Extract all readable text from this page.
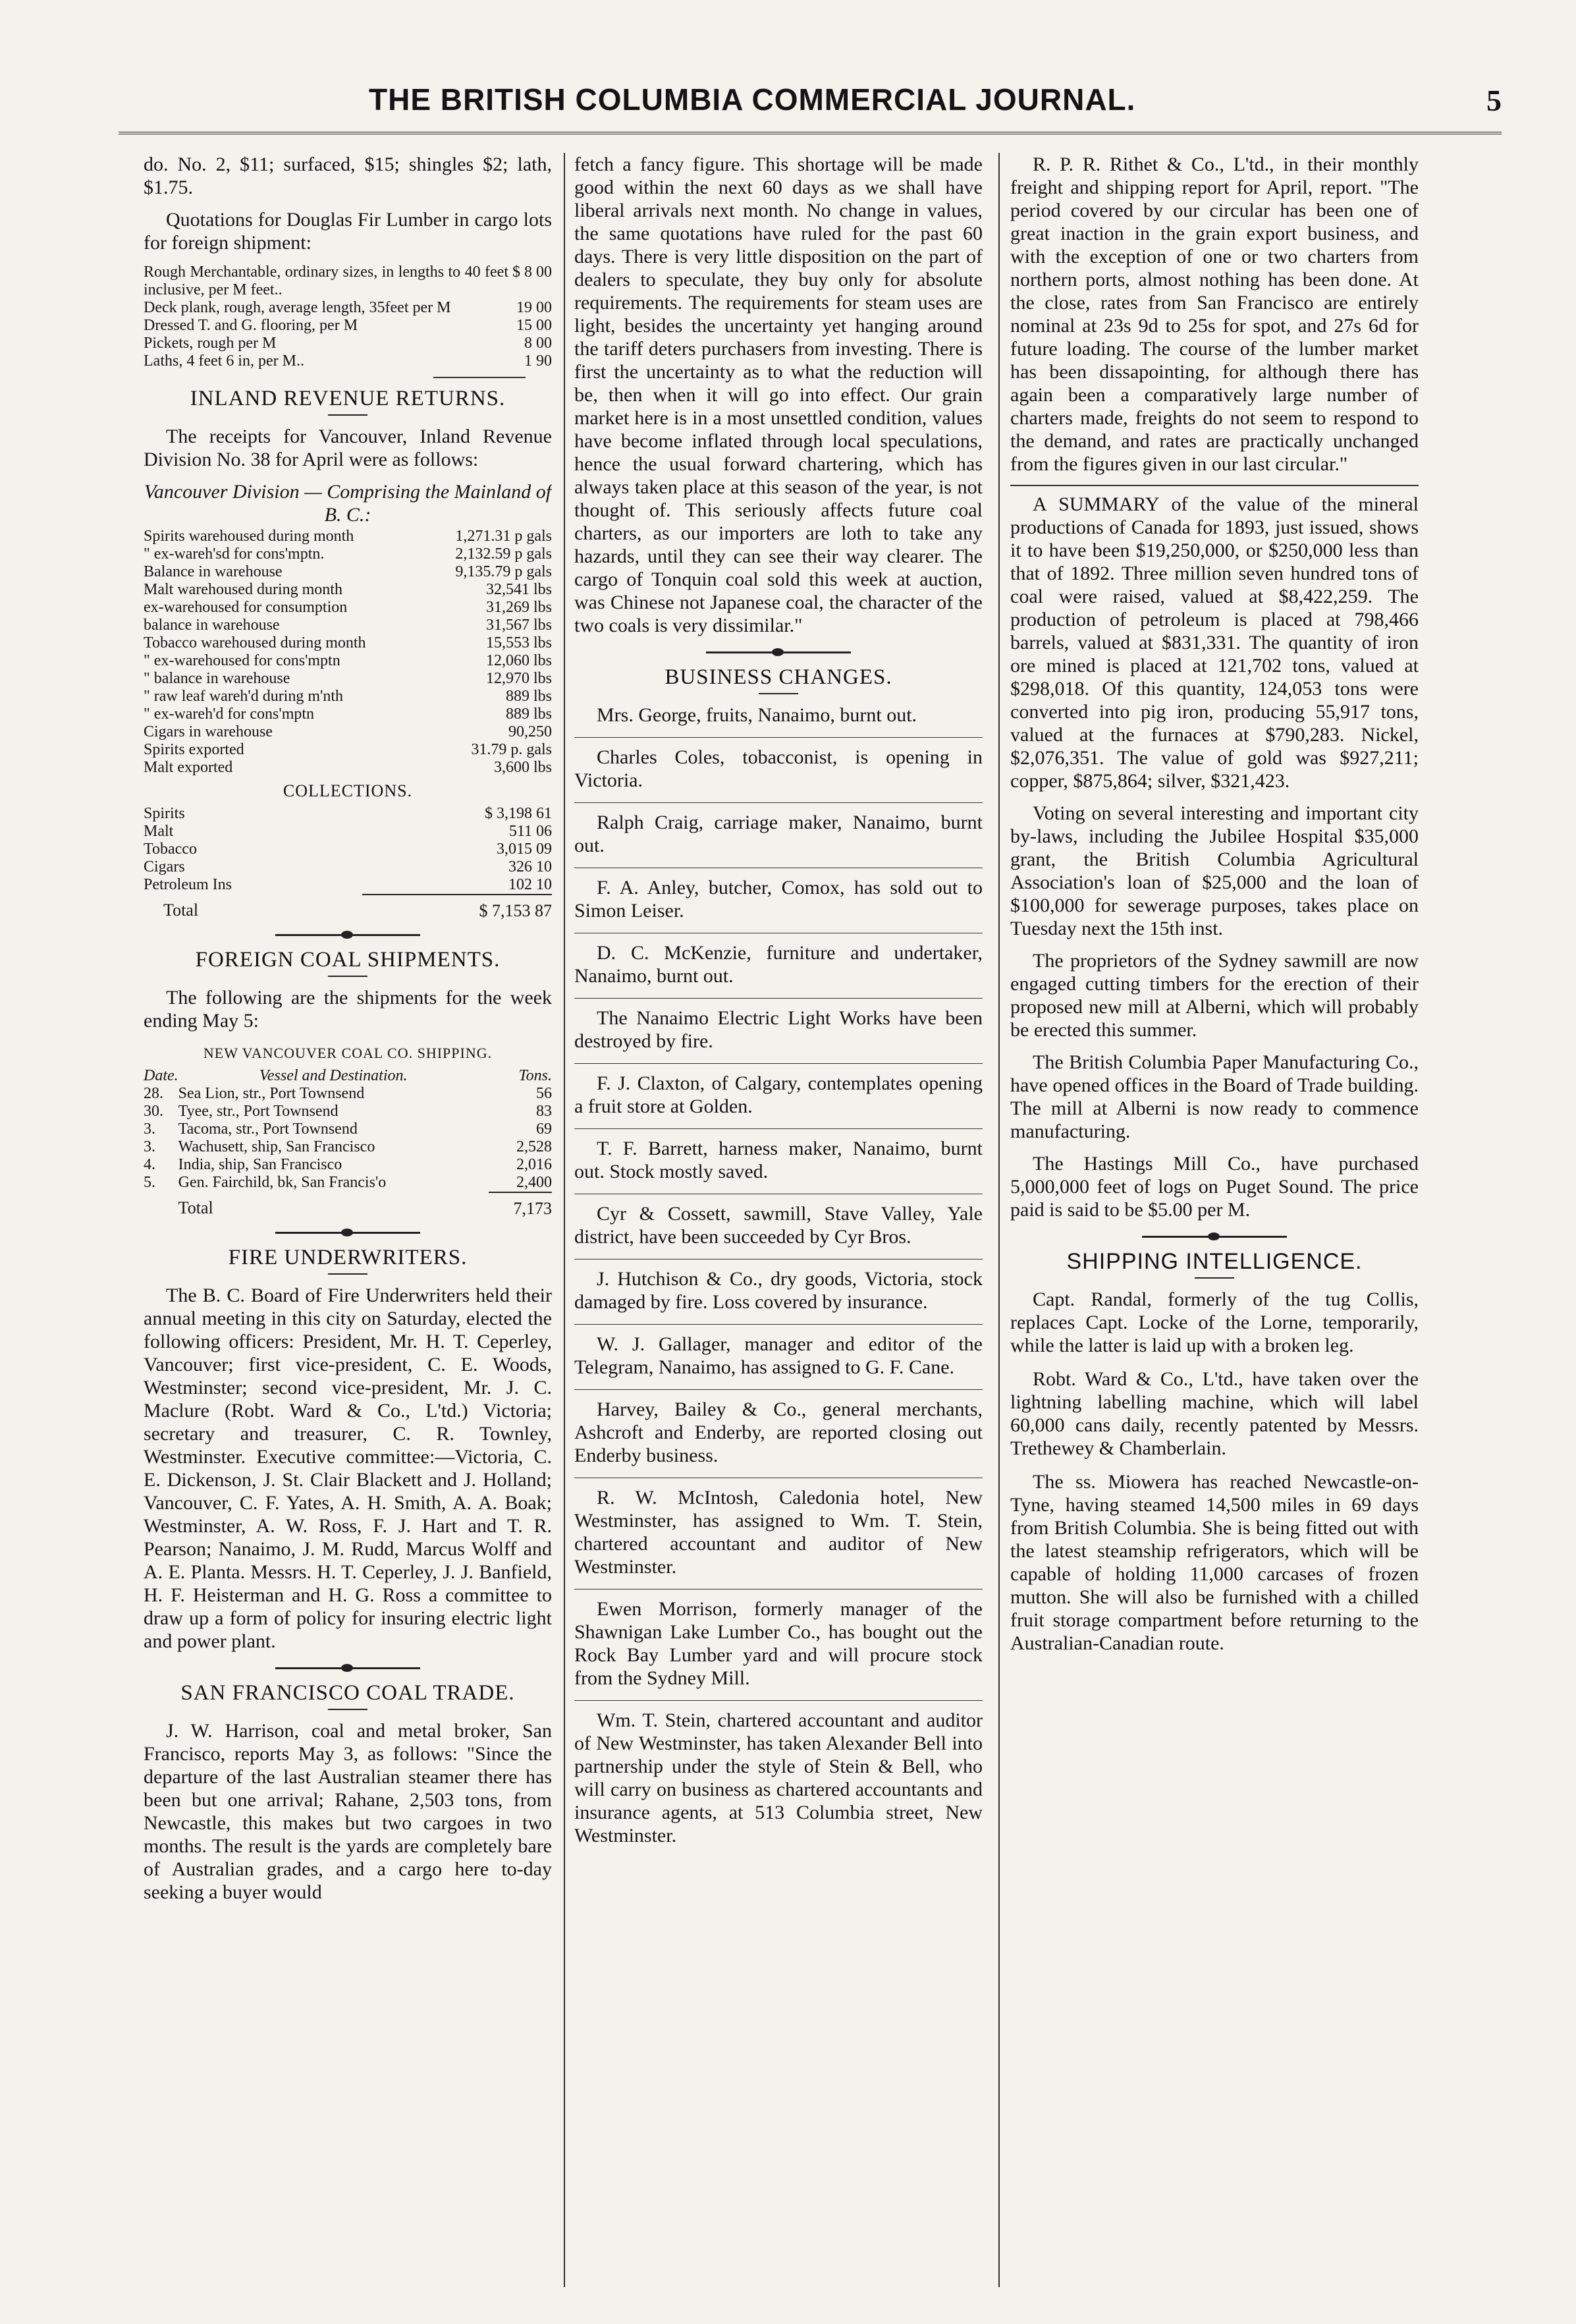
THE BRITISH COLUMBIA COMMERCIAL JOURNAL.	5

do. No. 2, $11; surfaced, $15; shingles $2; lath, $1.75.

Quotations for Douglas Fir Lumber in cargo lots for foreign shipment:

Rough Merchantable, ordinary sizes, in lengths to 40 feet inclusive, per M feet..	$ 8 00
Deck plank, rough, average length, 35feet per M	19 00
Dressed T. and G. flooring, per M	15 00
Pickets, rough per M	8 00
Laths, 4 feet 6 in, per M..	1 90
INLAND REVENUE RETURNS.

The receipts for Vancouver, Inland Revenue Division No. 38 for April were as follows:

Vancouver Division — Comprising the Mainland of B. C.:

Spirits warehoused during month	1,271.31 p gals
" ex-wareh'sd for cons'mptn.	2,132.59 p gals
Balance in warehouse	9,135.79 p gals
Malt warehoused during month	32,541 lbs
ex-warehoused for consumption	31,269 lbs
balance in warehouse	31,567 lbs
Tobacco warehoused during month	15,553 lbs
" ex-warehoused for cons'mptn	12,060 lbs
" balance in warehouse	12,970 lbs
" raw leaf wareh'd during m'nth	889 lbs
" ex-wareh'd for cons'mptn	889 lbs
Cigars in warehouse	90,250
Spirits exported	31.79 p. gals
Malt exported	3,600 lbs
COLLECTIONS.
Spirits	$ 3,198 61
Malt	511 06
Tobacco	3,015 09
Cigars	326 10
Petroleum Ins	102 10
Total	$ 7,153 87
FOREIGN COAL SHIPMENTS.

The following are the shipments for the week ending May 5:

NEW VANCOUVER COAL CO. SHIPPING.
Date.	Vessel and Destination.	Tons.
28.	Sea Lion, str., Port Townsend	56
30.	Tyee, str., Port Townsend	83
3.	Tacoma, str., Port Townsend	69
3.	Wachusett, ship, San Francisco	2,528
4.	India, ship, San Francisco	2,016
5.	Gen. Fairchild, bk, San Francis'o	2,400
	Total	7,173
FIRE UNDERWRITERS.

The B. C. Board of Fire Underwriters held their annual meeting in this city on Saturday, elected the following officers: President, Mr. H. T. Ceperley, Vancouver; first vice-president, C. E. Woods, Westminster; second vice-president, Mr. J. C. Maclure (Robt. Ward & Co., L'td.) Victoria; secretary and treasurer, C. R. Townley, Westminster. Executive committee:—Victoria, C. E. Dickenson, J. St. Clair Blackett and J. Holland; Vancouver, C. F. Yates, A. H. Smith, A. A. Boak; Westminster, A. W. Ross, F. J. Hart and T. R. Pearson; Nanaimo, J. M. Rudd, Marcus Wolff and A. E. Planta. Messrs. H. T. Ceperley, J. J. Banfield, H. F. Heisterman and H. G. Ross a committee to draw up a form of policy for insuring electric light and power plant.

SAN FRANCISCO COAL TRADE.

J. W. Harrison, coal and metal broker, San Francisco, reports May 3, as follows: "Since the departure of the last Australian steamer there has been but one arrival; Rahane, 2,503 tons, from Newcastle, this makes but two cargoes in two months. The result is the yards are completely bare of Australian grades, and a cargo here to-day seeking a buyer would

fetch a fancy figure. This shortage will be made good within the next 60 days as we shall have liberal arrivals next month. No change in values, the same quotations have ruled for the past 60 days. There is very little disposition on the part of dealers to speculate, they buy only for absolute requirements. The requirements for steam uses are light, besides the uncertainty yet hanging around the tariff deters purchasers from investing. There is first the uncertainty as to what the reduction will be, then when it will go into effect. Our grain market here is in a most unsettled condition, values have become inflated through local speculations, hence the usual forward chartering, which has always taken place at this season of the year, is not thought of. This seriously affects future coal charters, as our importers are loth to take any hazards, until they can see their way clearer. The cargo of Tonquin coal sold this week at auction, was Chinese not Japanese coal, the character of the two coals is very dissimilar."

BUSINESS CHANGES.

Mrs. George, fruits, Nanaimo, burnt out.

Charles Coles, tobacconist, is opening in Victoria.

Ralph Craig, carriage maker, Nanaimo, burnt out.

F. A. Anley, butcher, Comox, has sold out to Simon Leiser.

D. C. McKenzie, furniture and undertaker, Nanaimo, burnt out.

The Nanaimo Electric Light Works have been destroyed by fire.

F. J. Claxton, of Calgary, contemplates opening a fruit store at Golden.

T. F. Barrett, harness maker, Nanaimo, burnt out. Stock mostly saved.

Cyr & Cossett, sawmill, Stave Valley, Yale district, have been succeeded by Cyr Bros.

J. Hutchison & Co., dry goods, Victoria, stock damaged by fire. Loss covered by insurance.

W. J. Gallager, manager and editor of the Telegram, Nanaimo, has assigned to G. F. Cane.

Harvey, Bailey & Co., general merchants, Ashcroft and Enderby, are reported closing out Enderby business.

R. W. McIntosh, Caledonia hotel, New Westminster, has assigned to Wm. T. Stein, chartered accountant and auditor of New Westminster.

Ewen Morrison, formerly manager of the Shawnigan Lake Lumber Co., has bought out the Rock Bay Lumber yard and will procure stock from the Sydney Mill.

Wm. T. Stein, chartered accountant and auditor of New Westminster, has taken Alexander Bell into partnership under the style of Stein & Bell, who will carry on business as chartered accountants and insurance agents, at 513 Columbia street, New Westminster.

R. P. R. Rithet & Co., L'td., in their monthly freight and shipping report for April, report. "The period covered by our circular has been one of great inaction in the grain export business, and with the exception of one or two charters from northern ports, almost nothing has been done. At the close, rates from San Francisco are entirely nominal at 23s 9d to 25s for spot, and 27s 6d for future loading. The course of the lumber market has been dissapointing, for although there has again been a comparatively large number of charters made, freights do not seem to respond to the demand, and rates are practically unchanged from the figures given in our last circular."

A SUMMARY of the value of the mineral productions of Canada for 1893, just issued, shows it to have been $19,250,000, or $250,000 less than that of 1892. Three million seven hundred tons of coal were raised, valued at $8,422,259. The production of petroleum is placed at 798,466 barrels, valued at $831,331. The quantity of iron ore mined is placed at 121,702 tons, valued at $298,018. Of this quantity, 124,053 tons were converted into pig iron, producing 55,917 tons, valued at the furnaces at $790,283. Nickel, $2,076,351. The value of gold was $927,211; copper, $875,864; silver, $321,423.

Voting on several interesting and important city by-laws, including the Jubilee Hospital $35,000 grant, the British Columbia Agricultural Association's loan of $25,000 and the loan of $100,000 for sewerage purposes, takes place on Tuesday next the 15th inst.

The proprietors of the Sydney sawmill are now engaged cutting timbers for the erection of their proposed new mill at Alberni, which will probably be erected this summer.

The British Columbia Paper Manufacturing Co., have opened offices in the Board of Trade building. The mill at Alberni is now ready to commence manufacturing.

The Hastings Mill Co., have purchased 5,000,000 feet of logs on Puget Sound. The price paid is said to be $5.00 per M.

SHIPPING INTELLIGENCE.

Capt. Randal, formerly of the tug Collis, replaces Capt. Locke of the Lorne, temporarily, while the latter is laid up with a broken leg.

Robt. Ward & Co., L'td., have taken over the lightning labelling machine, which will label 60,000 cans daily, recently patented by Messrs. Trethewey & Chamberlain.

The ss. Miowera has reached Newcastle-on-Tyne, having steamed 14,500 miles in 69 days from British Columbia. She is being fitted out with the latest steamship refrigerators, which will be capable of holding 11,000 carcases of frozen mutton. She will also be furnished with a chilled fruit storage compartment before returning to the Australian-Canadian route.
